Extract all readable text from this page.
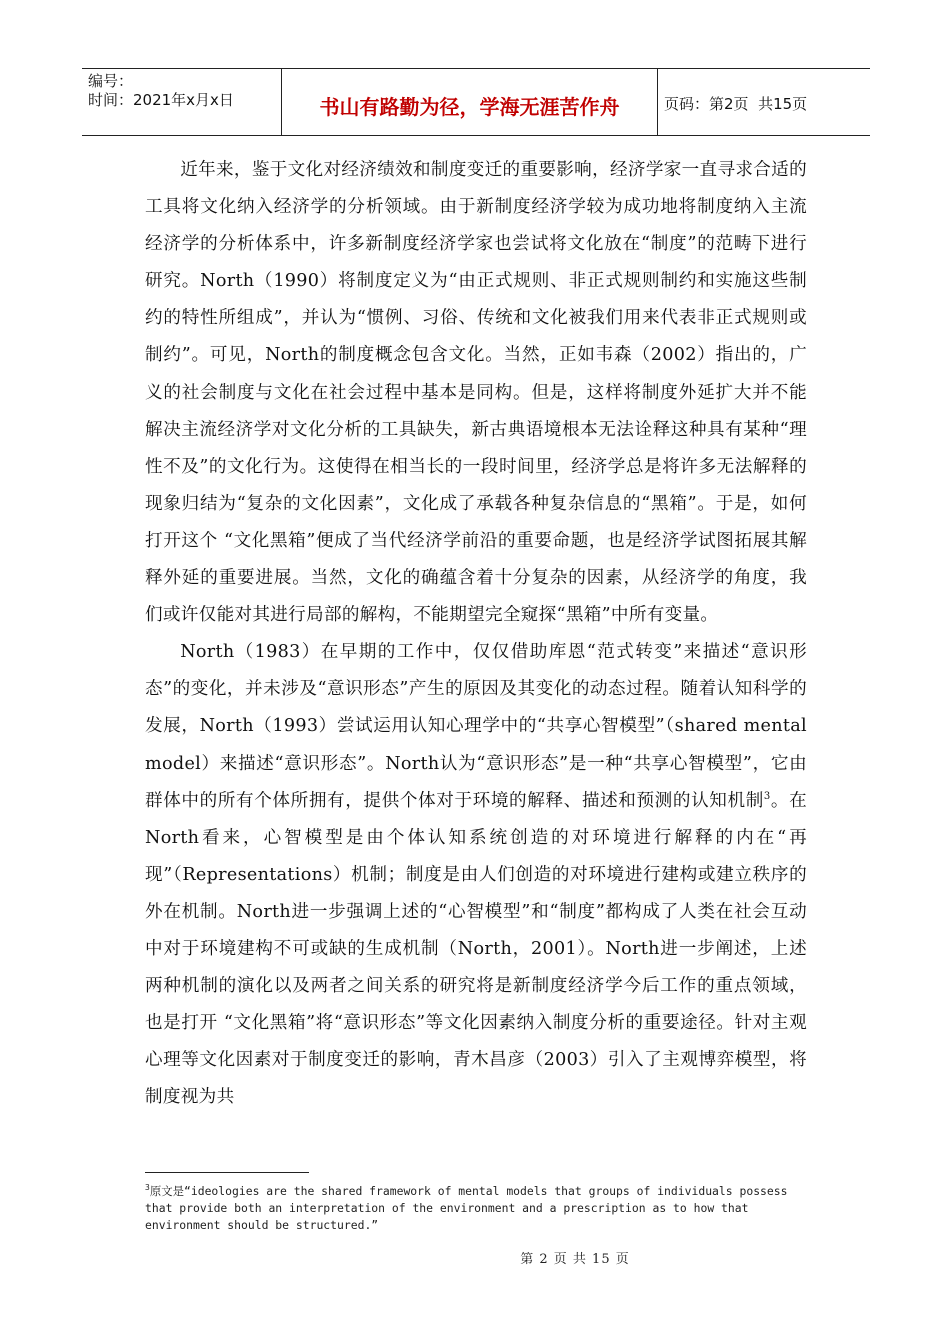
编号：
时间：2021年x月x日	书山有路勤为径，学海无涯苦作舟	页码：第2页  共15页

近年来，鉴于文化对经济绩效和制度变迁的重要影响，经济学家一直寻求合适的工具将文化纳入经济学的分析领域。由于新制度经济学较为成功地将制度纳入主流经济学的分析体系中，许多新制度经济学家也尝试将文化放在“制度”的范畴下进行研究。North（1990）将制度定义为“由正式规则、非正式规则制约和实施这些制约的特性所组成”，并认为“惯例、习俗、传统和文化被我们用来代表非正式规则或制约”。可见，North的制度概念包含文化。当然，正如韦森（2002）指出的，广义的社会制度与文化在社会过程中基本是同构。但是，这样将制度外延扩大并不能解决主流经济学对文化分析的工具缺失，新古典语境根本无法诠释这种具有某种“理性不及”的文化行为。这使得在相当长的一段时间里，经济学总是将许多无法解释的现象归结为“复杂的文化因素”，文化成了承载各种复杂信息的“黑箱”。于是，如何打开这个 “文化黑箱”便成了当代经济学前沿的重要命题，也是经济学试图拓展其解释外延的重要进展。当然，文化的确蕴含着十分复杂的因素，从经济学的角度，我们或许仅能对其进行局部的解构，不能期望完全窥探“黑箱”中所有变量。

North（1983）在早期的工作中，仅仅借助库恩“范式转变”来描述“意识形态”的变化，并未涉及“意识形态”产生的原因及其变化的动态过程。随着认知科学的发展，North（1993）尝试运用认知心理学中的“共享心智模型”（shared mental model）来描述“意识形态”。North认为“意识形态”是一种“共享心智模型”，它由群体中的所有个体所拥有，提供个体对于环境的解释、描述和预测的认知机制$^3$。在North看来，心智模型是由个体认知系统创造的对环境进行解释的内在“再现”（Representations）机制；制度是由人们创造的对环境进行建构或建立秩序的外在机制。North进一步强调上述的“心智模型”和“制度”都构成了人类在社会互动中对于环境建构不可或缺的生成机制（North，2001）。North进一步阐述，上述两种机制的演化以及两者之间关系的研究将是新制度经济学今后工作的重点领域，也是打开 “文化黑箱”将“意识形态”等文化因素纳入制度分析的重要途径。针对主观心理等文化因素对于制度变迁的影响，青木昌彦（2003）引入了主观博弈模型，将制度视为共

$^3$原文是“ideologies are the shared framework of mental models that groups of individuals possess that provide both an interpretation of the environment and a prescription as to how that environment should be structured.”
第 2 页 共 15 页
